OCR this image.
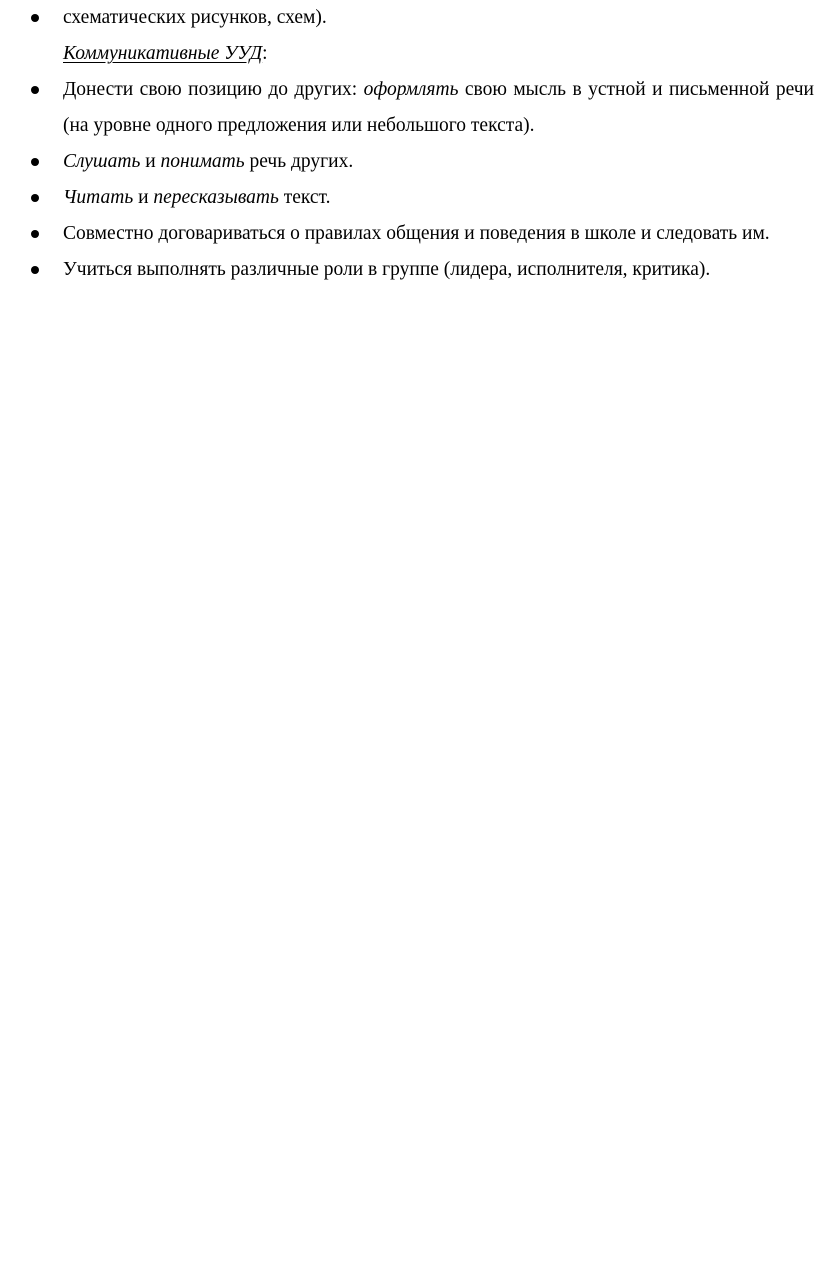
схематических рисунков, схем).
Коммуникативные УУД:
Донести свою позицию до других: оформлять свою мысль в устной и письменной речи (на уровне одного предложения или небольшого текста).
Слушать и понимать речь других.
Читать и пересказывать текст.
Совместно договариваться о правилах общения и поведения в школе и следовать им.
Учиться выполнять различные роли в группе (лидера, исполнителя, критика).
